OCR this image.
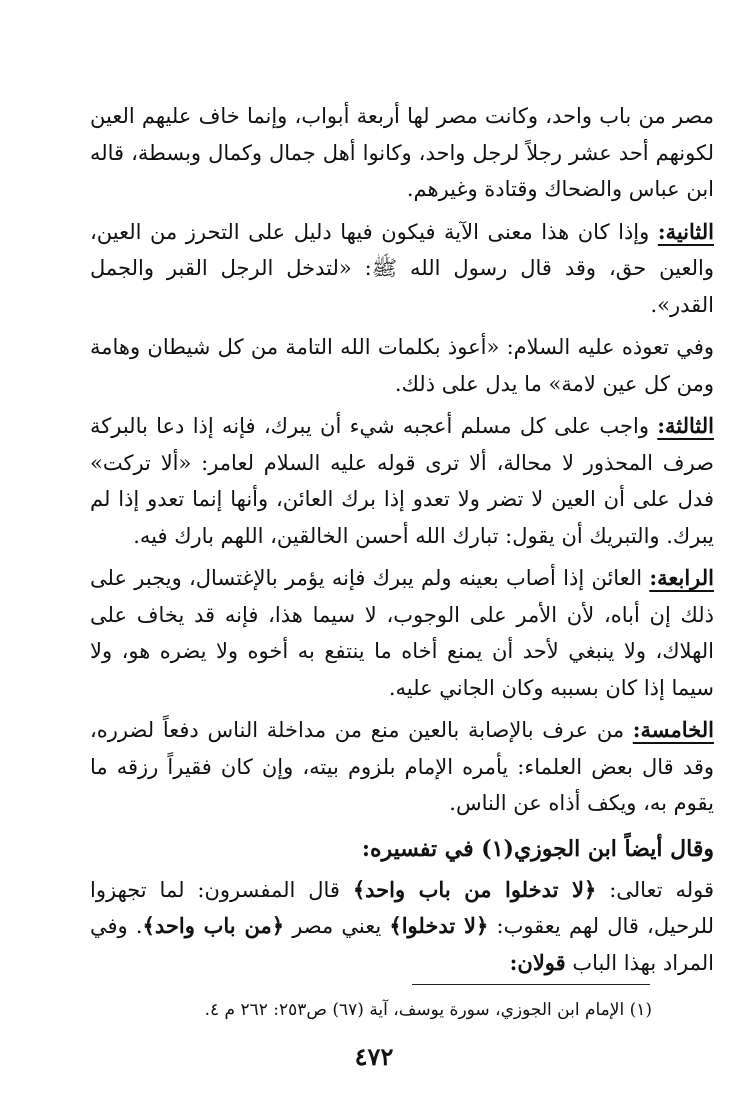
مصر من باب واحد، وكانت مصر لها أربعة أبواب، وإنما خاف عليهم العين لكونهم أحد عشر رجلاً لرجل واحد، وكانوا أهل جمال وكمال وبسطة، قاله ابن عباس والضحاك وقتادة وغيرهم.

الثانية: وإذا كان هذا معنى الآية فيكون فيها دليل على التحرز من العين، والعين حق، وقد قال رسول الله ﷺ: «لتدخل الرجل القبر والجمل القدر».

وفي تعوذه عليه السلام: «أعوذ بكلمات الله التامة من كل شيطان وهامة ومن كل عين لامة» ما يدل على ذلك.

الثالثة: واجب على كل مسلم أعجبه شيء أن يبرك، فإنه إذا دعا بالبركة صرف المحذور لا محالة، ألا ترى قوله عليه السلام لعامر: «ألا تركت» فدل على أن العين لا تضر ولا تعدو إذا برك العائن، وأنها إنما تعدو إذا لم يبرك. والتبريك أن يقول: تبارك الله أحسن الخالقين، اللهم بارك فيه.

الرابعة: العائن إذا أصاب بعينه ولم يبرك فإنه يؤمر بالإغتسال، ويجبر على ذلك إن أباه، لأن الأمر على الوجوب، لا سيما هذا، فإنه قد يخاف على الهلاك، ولا ينبغي لأحد أن يمنع أخاه ما ينتفع به أخوه ولا يضره هو، ولا سيما إذا كان بسببه وكان الجاني عليه.

الخامسة: من عرف بالإصابة بالعين منع من مداخلة الناس دفعاً لضرره، وقد قال بعض العلماء: يأمره الإمام بلزوم بيته، وإن كان فقيراً رزقه ما يقوم به، ويكف أذاه عن الناس.

وقال أيضاً ابن الجوزي(١) في تفسيره:

قوله تعالى: ﴿لا تدخلوا من باب واحد﴾ قال المفسرون: لما تجهزوا للرحيل، قال لهم يعقوب: ﴿لا تدخلوا﴾ يعني مصر ﴿من باب واحد﴾. وفي المراد بهذا الباب قولان:

(١) الإمام ابن الجوزي، سورة يوسف، آية (٦٧) ص٢٥٣: ٢٦٢ م ٤.
٤٧٢
